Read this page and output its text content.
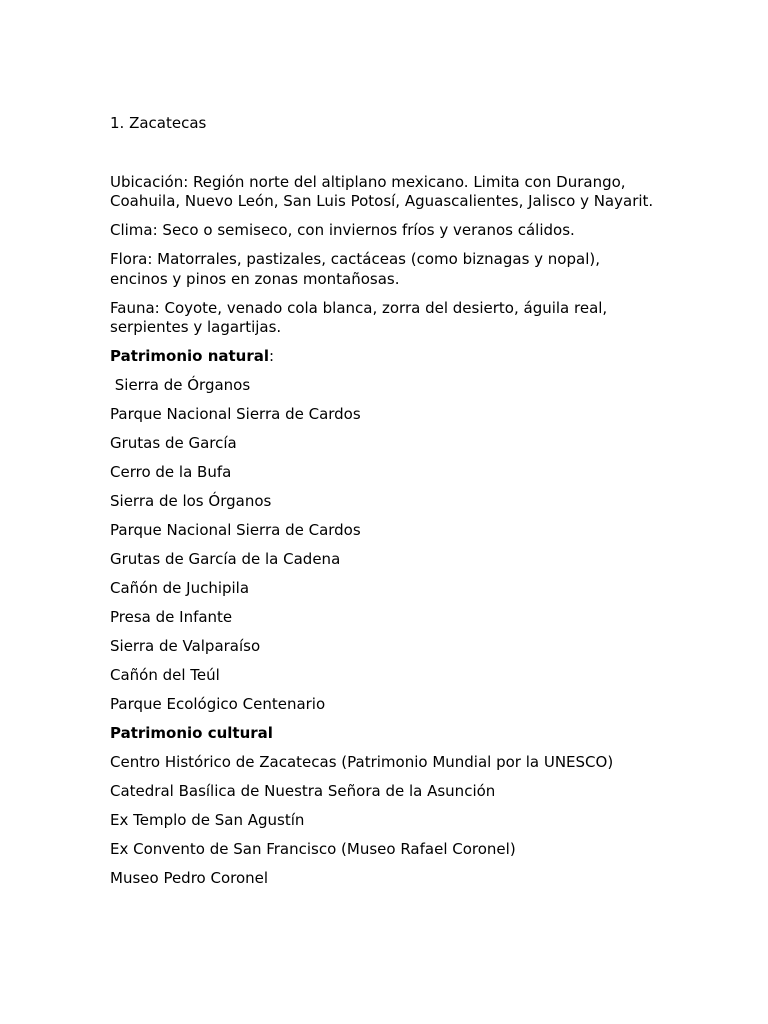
1. Zacatecas
Ubicación: Región norte del altiplano mexicano. Limita con Durango, Coahuila, Nuevo León, San Luis Potosí, Aguascalientes, Jalisco y Nayarit.
Clima: Seco o semiseco, con inviernos fríos y veranos cálidos.
Flora: Matorrales, pastizales, cactáceas (como biznagas y nopal), encinos y pinos en zonas montañosas.
Fauna: Coyote, venado cola blanca, zorra del desierto, águila real, serpientes y lagartijas.
Patrimonio natural:
Sierra de Órganos
Parque Nacional Sierra de Cardos
Grutas de García
Cerro de la Bufa
Sierra de los Órganos
Parque Nacional Sierra de Cardos
Grutas de García de la Cadena
Cañón de Juchipila
Presa de Infante
Sierra de Valparaíso
Cañón del Teúl
Parque Ecológico Centenario
Patrimonio cultural
Centro Histórico de Zacatecas (Patrimonio Mundial por la UNESCO)
Catedral Basílica de Nuestra Señora de la Asunción
Ex Templo de San Agustín
Ex Convento de San Francisco (Museo Rafael Coronel)
Museo Pedro Coronel
